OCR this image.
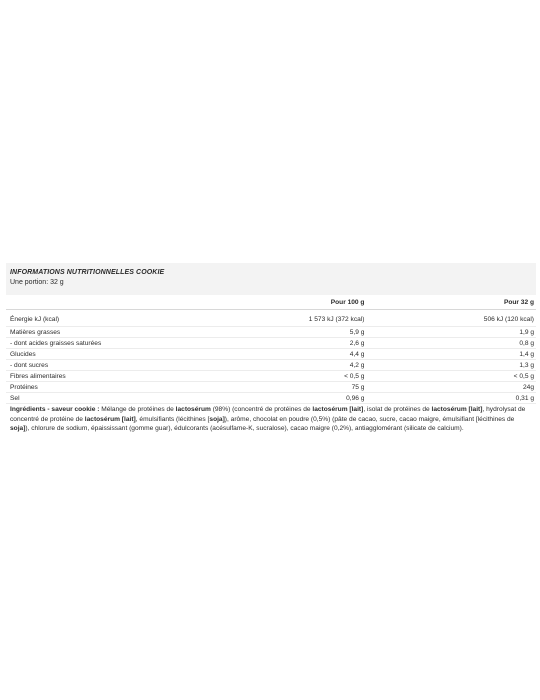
INFORMATIONS NUTRITIONNELLES COOKIE
Une portion: 32 g
	Pour 100 g	Pour 32 g
Énergie kJ (kcal)	1 573 kJ (372 kcal)	506 kJ (120 kcal)
Matières grasses	5,9 g	1,9 g
- dont acides graisses saturées	2,6 g	0,8 g
Glucides	4,4 g	1,4 g
- dont sucres	4,2 g	1,3 g
Fibres alimentaires	< 0,5 g	< 0,5 g
Protéines	75 g	24g
Sel	0,96 g	0,31 g
Ingrédients - saveur cookie : Mélange de protéines de lactosérum (98%) (concentré de protéines de lactosérum [lait], isolat de protéines de lactosérum [lait], hydrolysat de concentré de protéine de lactosérum [lait], émulsifiants (lécithines [soja]), arôme, chocolat en poudre (0,5%) (pâte de cacao, sucre, cacao maigre, émulsifiant [lécithines de soja]), chlorure de sodium, épaississant (gomme guar), édulcorants (acésulfame-K, sucralose), cacao maigre (0,2%), antiagglomérant (silicate de calcium).
